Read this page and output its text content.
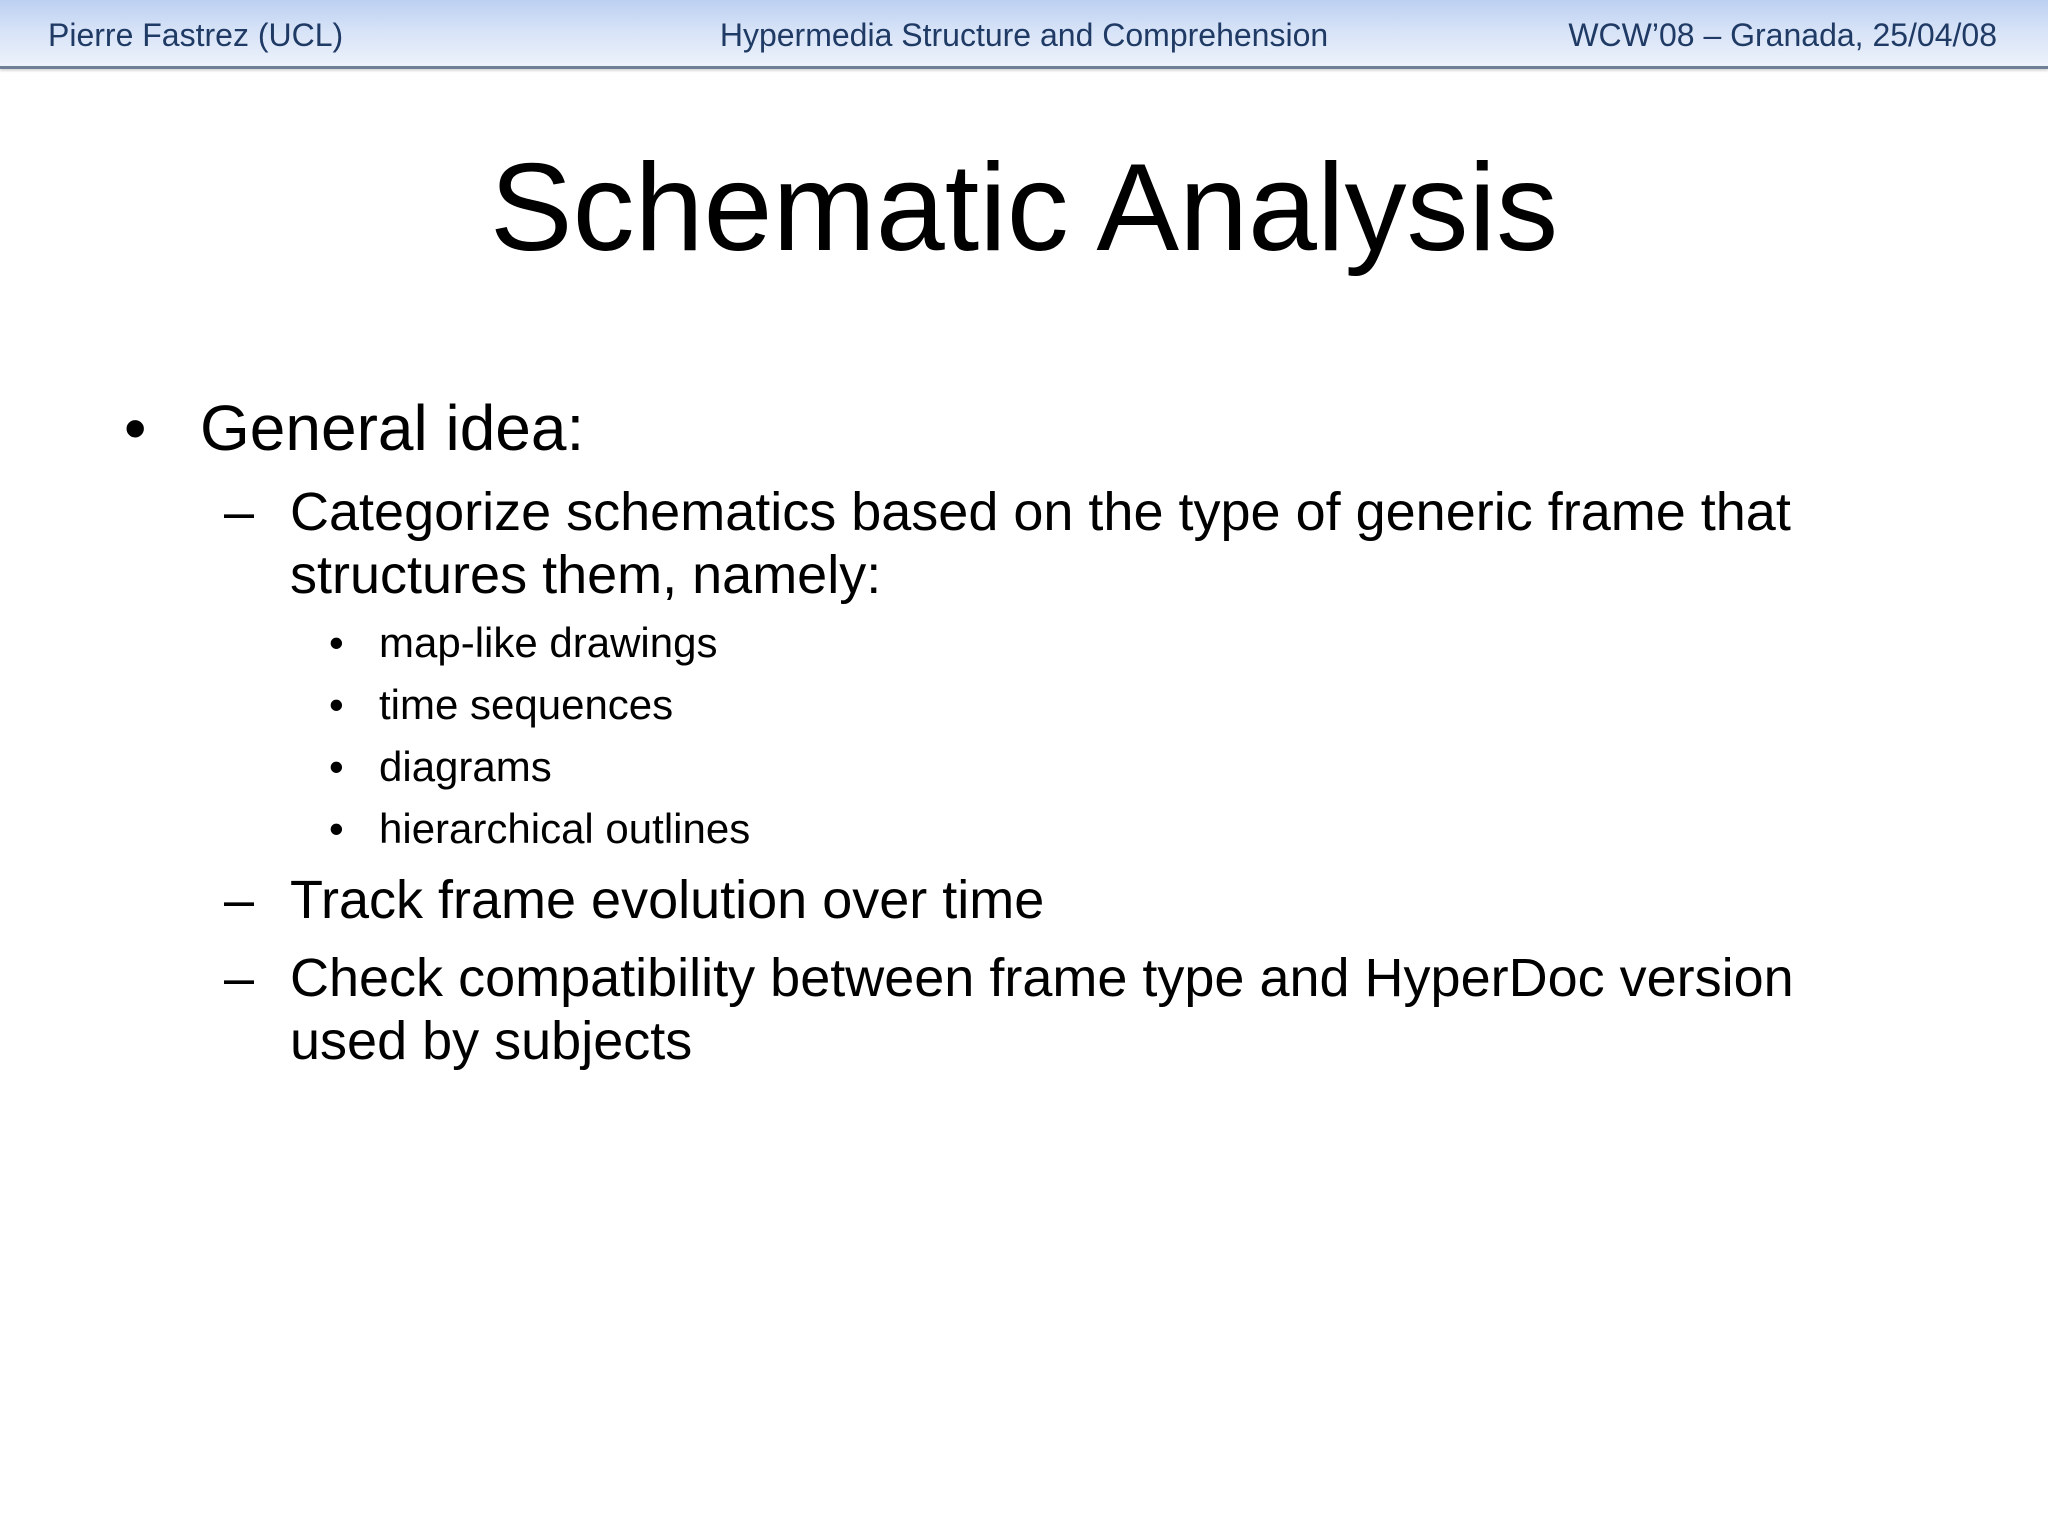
Pierre Fastrez (UCL)	Hypermedia Structure and Comprehension	WCW’08 – Granada, 25/04/08
Schematic Analysis
• General idea:
– Categorize schematics based on the type of generic frame that
structures them, namely:
• map-like drawings
• time sequences
• diagrams
• hierarchical outlines
– Track frame evolution over time
– Check compatibility between frame type and HyperDoc version
used by subjects
